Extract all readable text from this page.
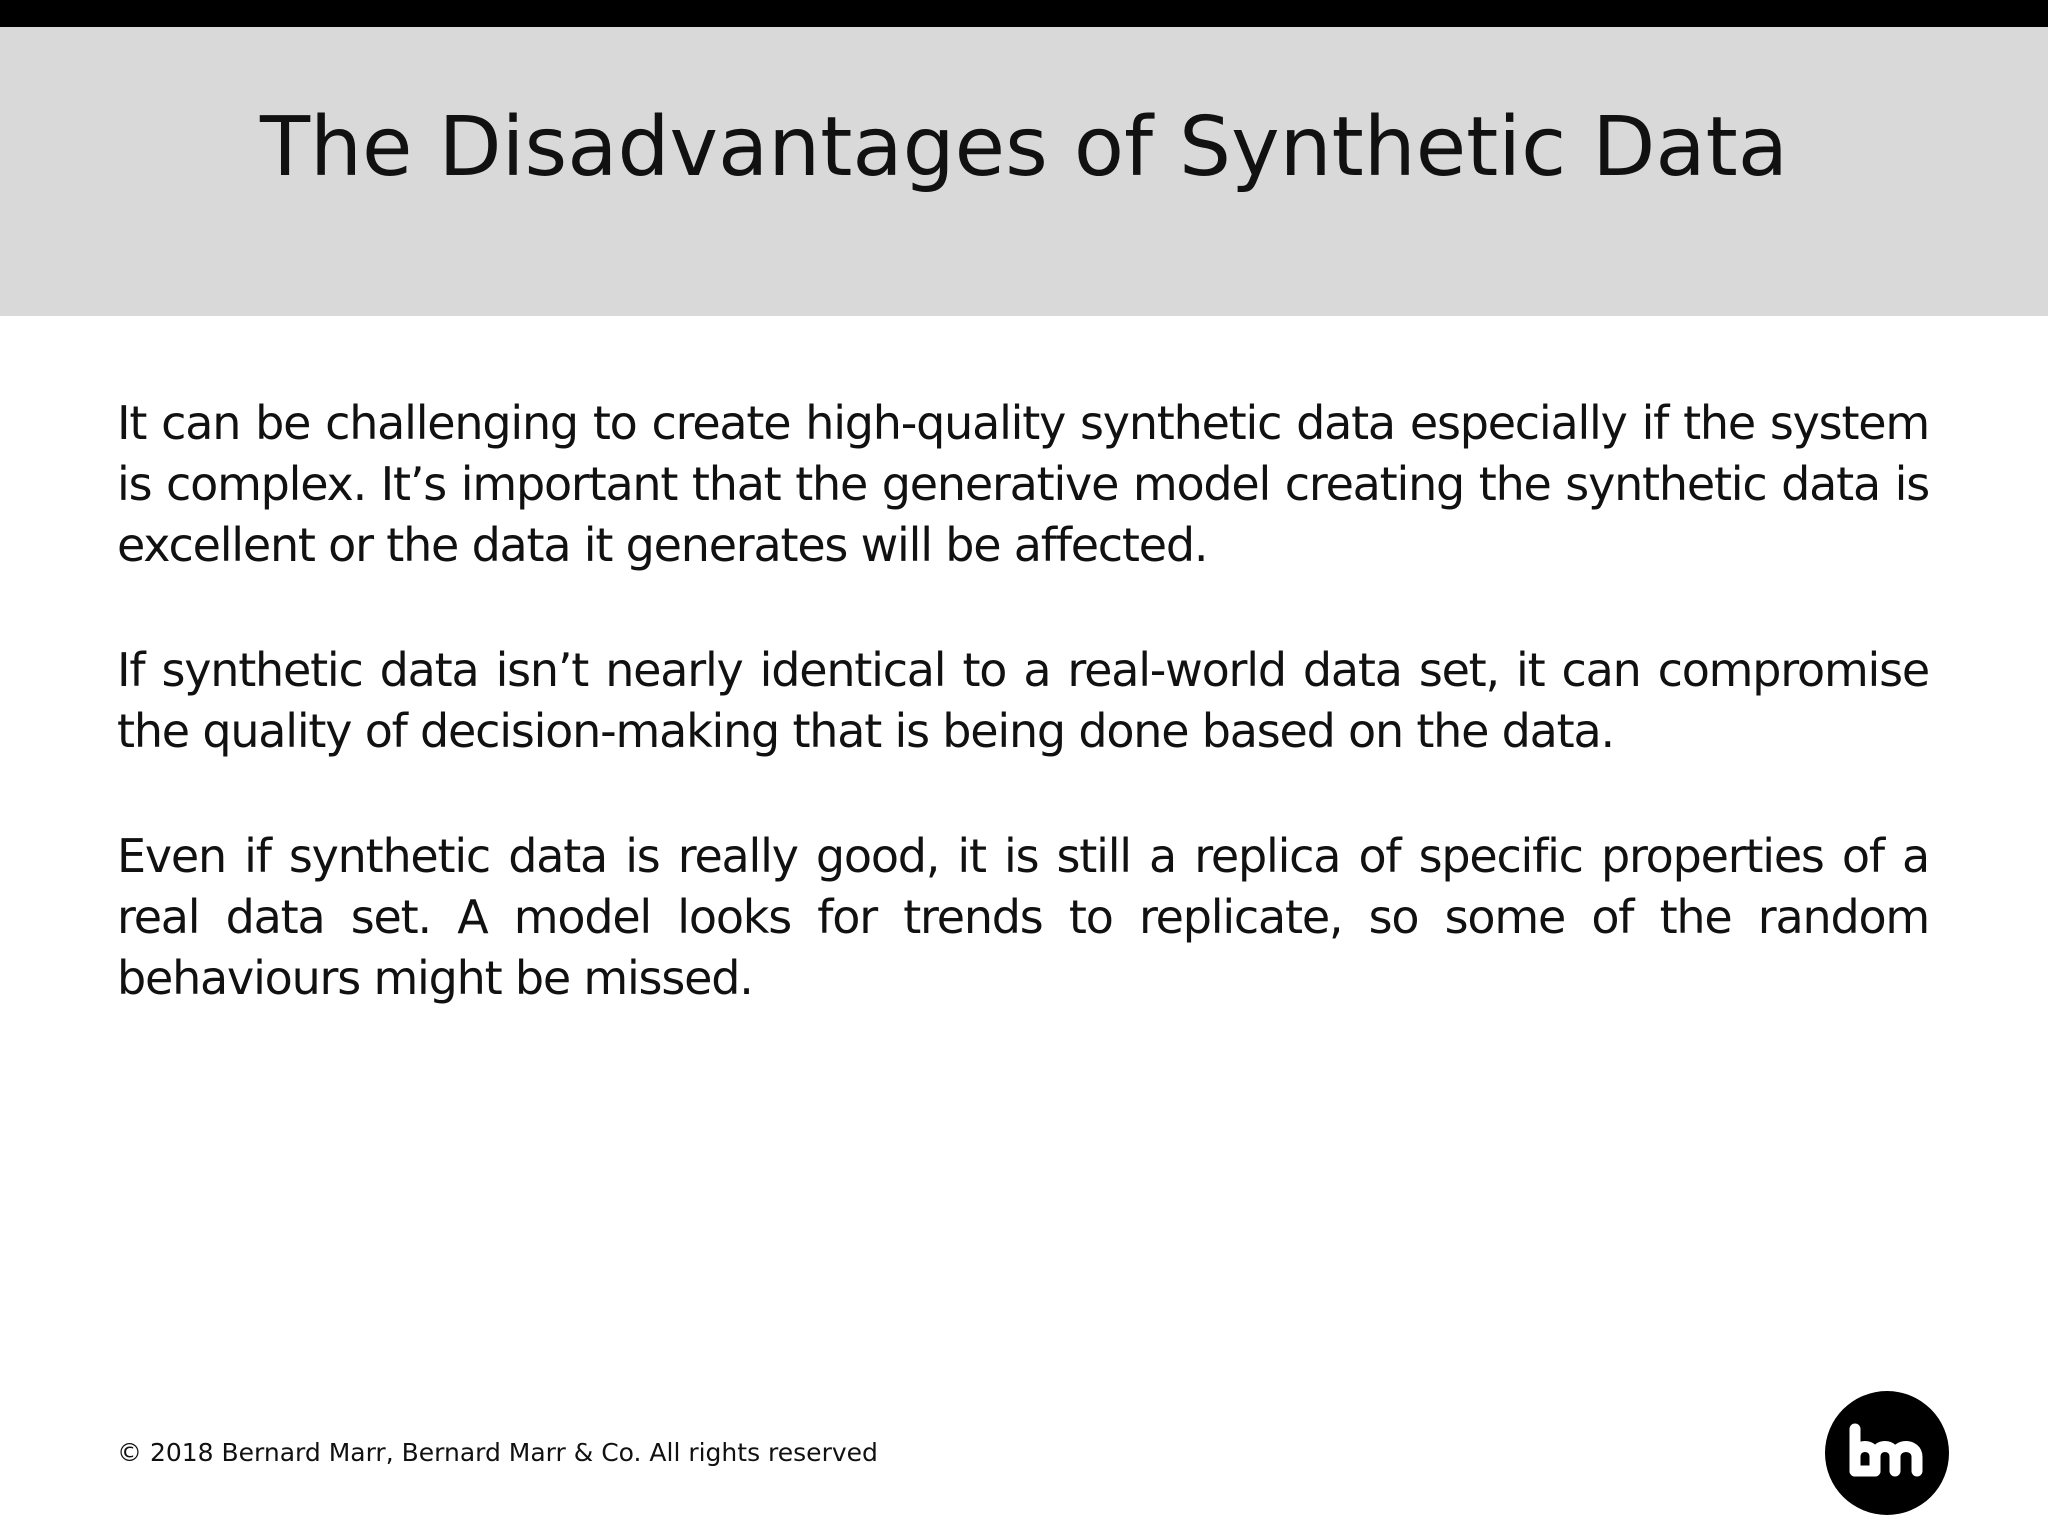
The Disadvantages of Synthetic Data

It can be challenging to create high-quality synthetic data especially if the system is complex. It’s important that the generative model creating the synthetic data is excellent or the data it generates will be affected.

If synthetic data isn’t nearly identical to a real-world data set, it can compromise the quality of decision-making that is being done based on the data.

Even if synthetic data is really good, it is still a replica of specific properties of a real data set. A model looks for trends to replicate, so some of the random behaviours might be missed.

© 2018 Bernard Marr, Bernard Marr & Co. All rights reserved
